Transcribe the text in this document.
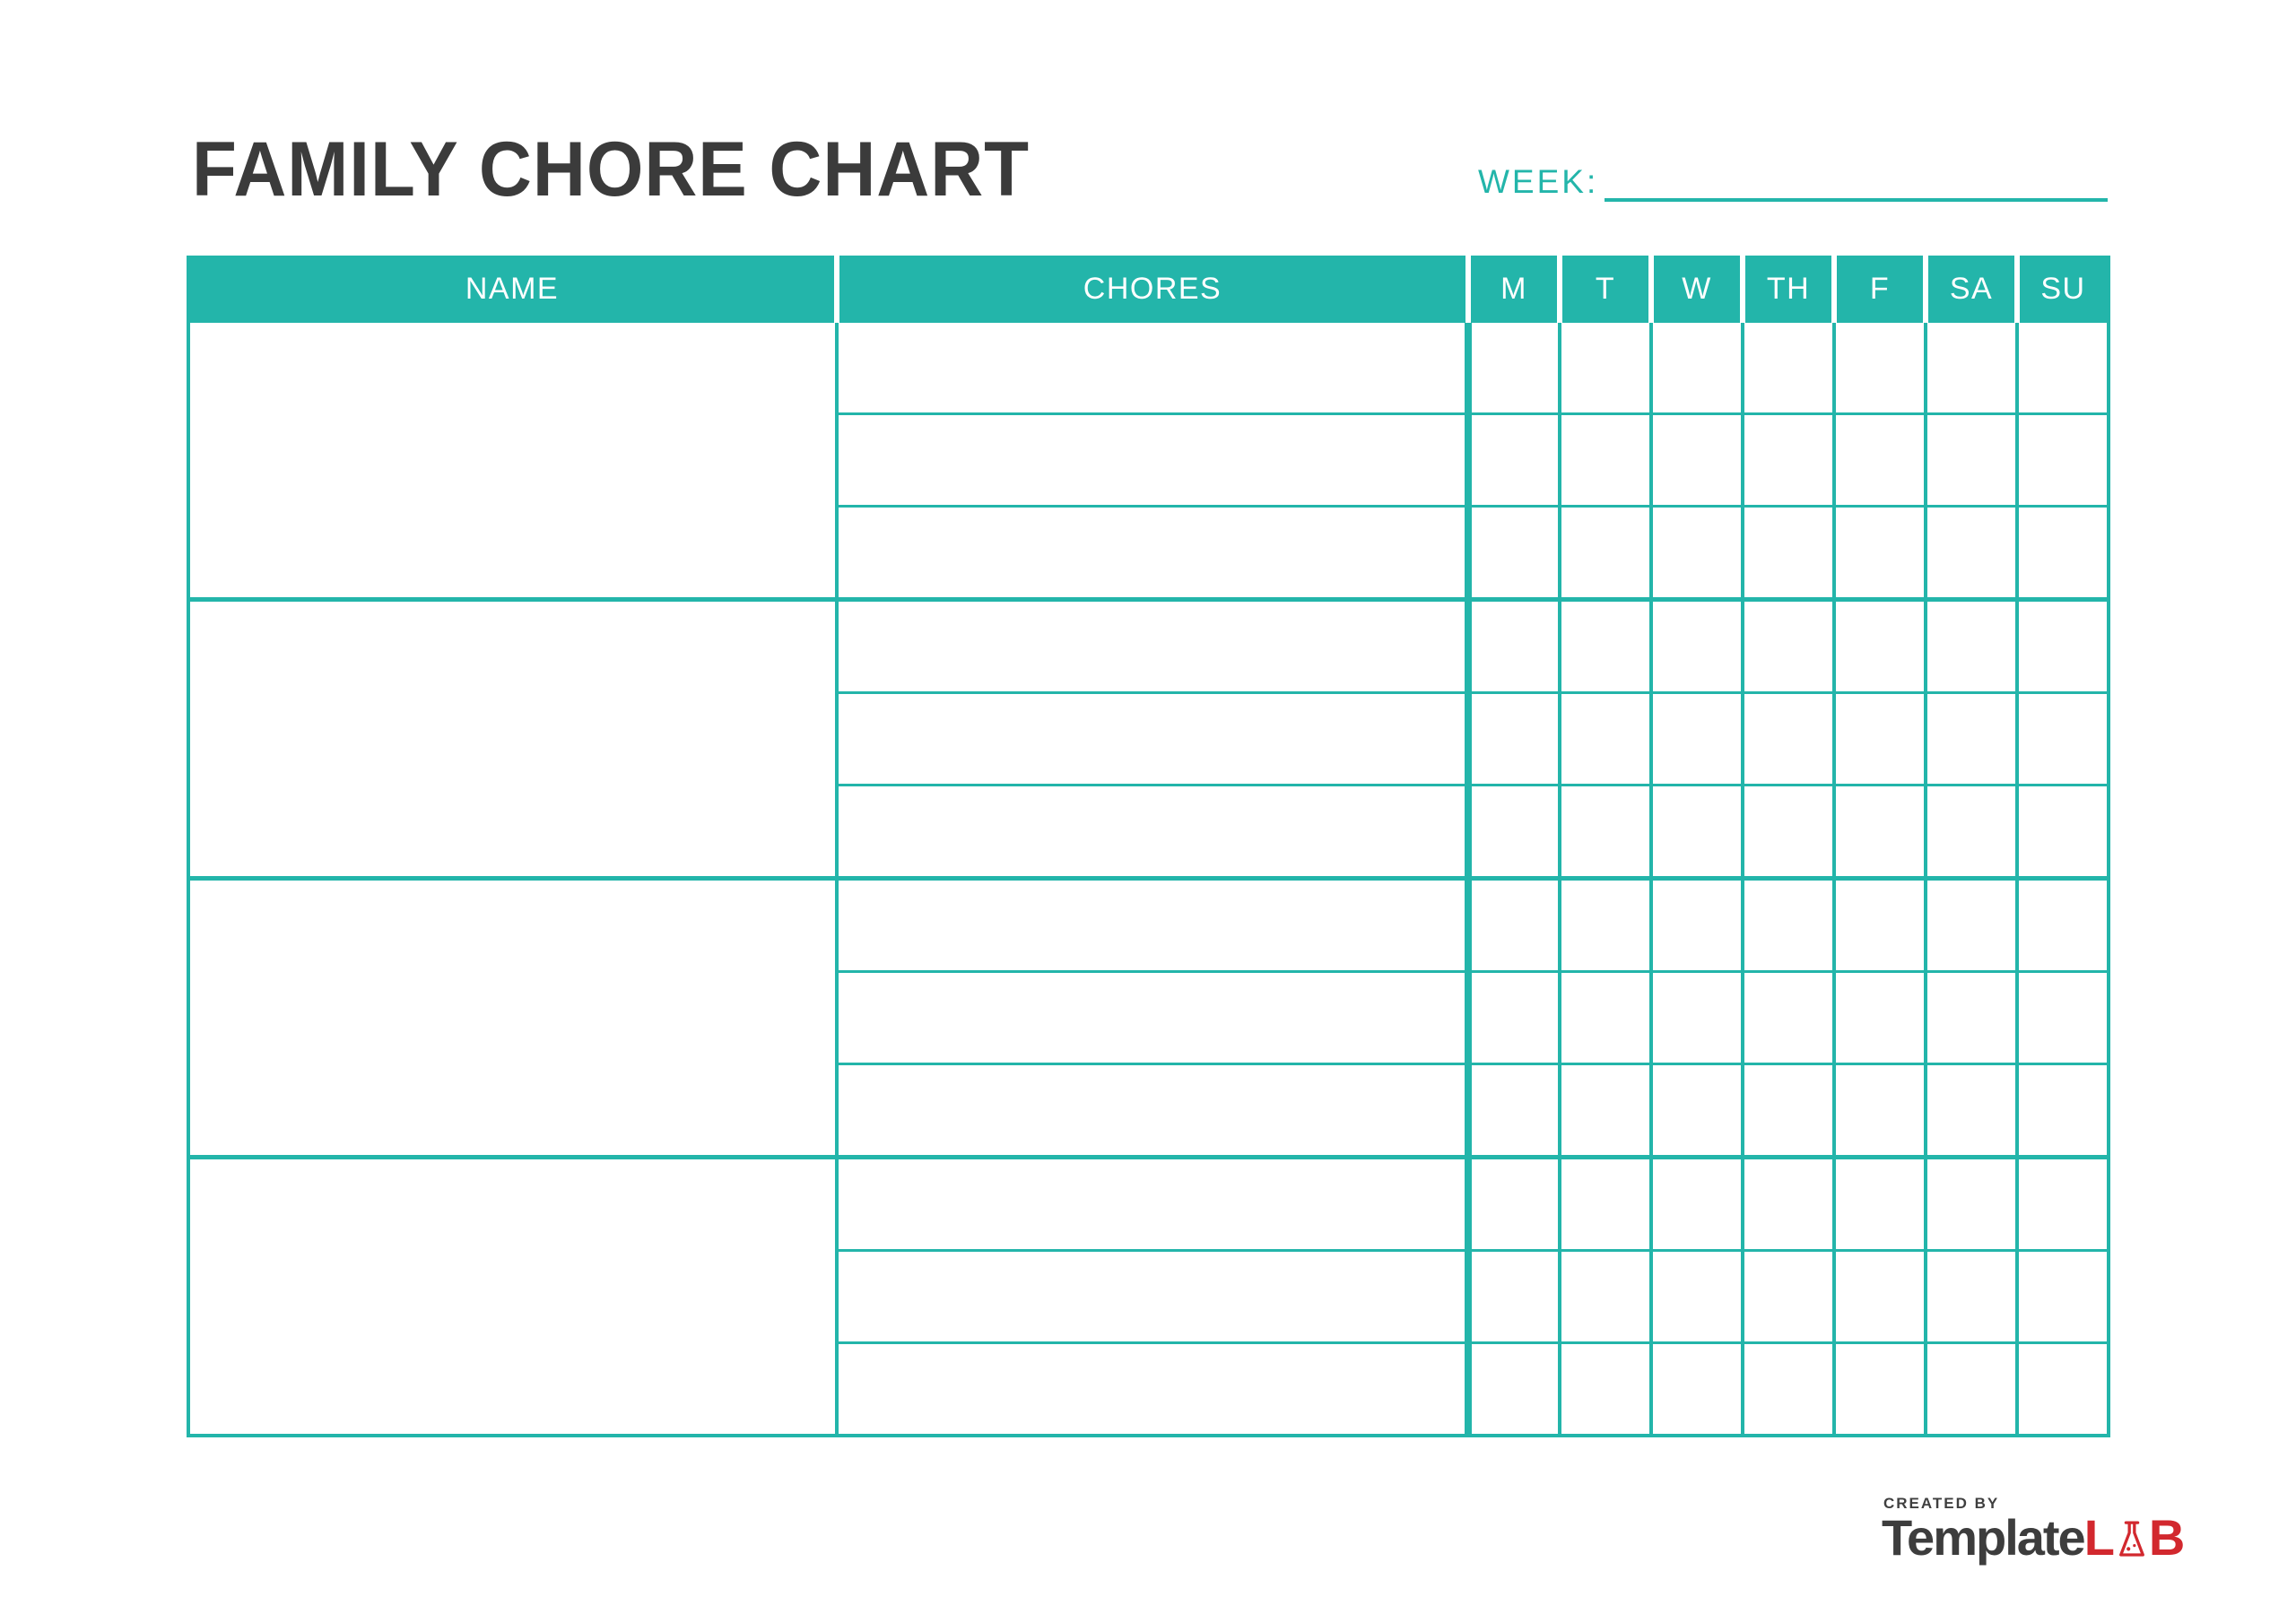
FAMILY CHORE CHART	WEEK:
NAME	CHORES	M	T	W	TH	F	SA	SU

CREATED BY
Template L B
